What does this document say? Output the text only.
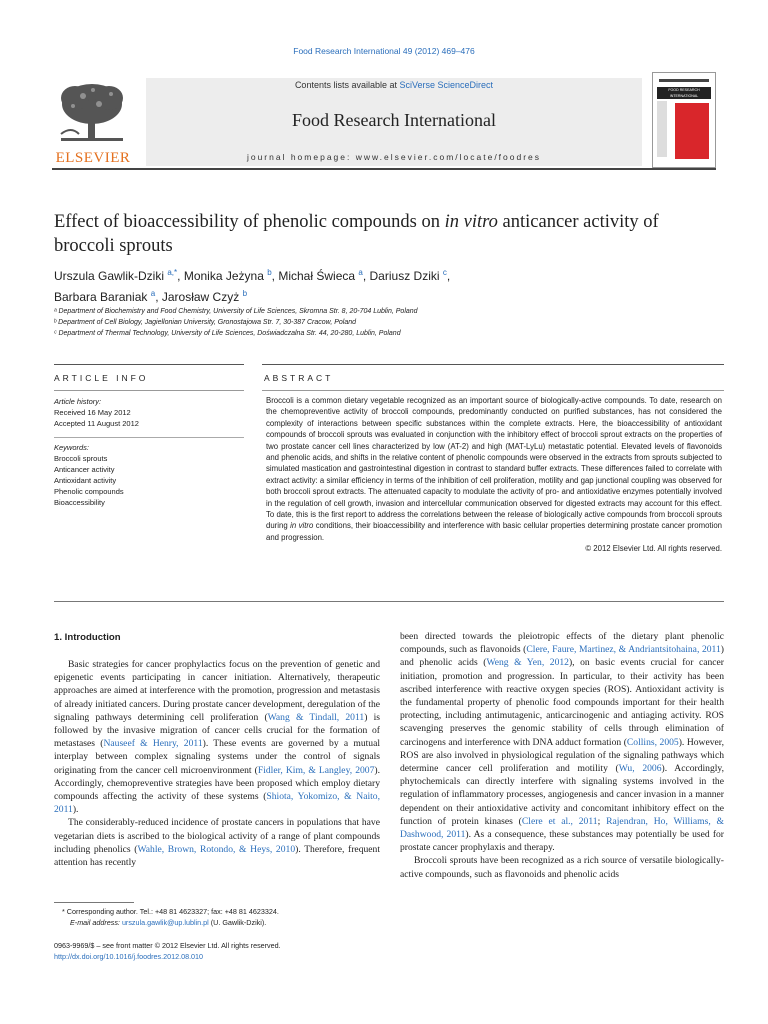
Food Research International 49 (2012) 469–476
ELSEVIER
Contents lists available at SciVerse ScienceDirect
Food Research International
journal homepage: www.elsevier.com/locate/foodres
FOOD RESEARCH
INTERNATIONAL
Effect of bioaccessibility of phenolic compounds on in vitro anticancer activity of
broccoli sprouts
Urszula Gawlik-Dziki $^{a,*}$, Monika Jeżyna $^b$, Michał Świeca $^a$, Dariusz Dziki $^c$,
Barbara Baraniak $^a$, Jarosław Czyż $^b$
ᵃ Department of Biochemistry and Food Chemistry, University of Life Sciences, Skromna Str. 8, 20-704 Lublin, Poland
ᵇ Department of Cell Biology, Jagiellonian University, Gronostajowa Str. 7, 30-387 Cracow, Poland
ᶜ Department of Thermal Technology, University of Life Sciences, Doświadczalna Str. 44, 20-280, Lublin, Poland
ARTICLE INFO	ABSTRACT
Article history:
Received 16 May 2012
Accepted 11 August 2012
Keywords:
Broccoli sprouts
Anticancer activity
Antioxidant activity
Phenolic compounds
Bioaccessibility
Broccoli is a common dietary vegetable recognized as an important source of biologically-active compounds. To date, research on the chemopreventive activity of broccoli compounds, predominantly conducted on purified substances, has not considered the complexity of interactions between specific substances within the complete extracts. Here, the bioaccessibility of antioxidant compounds of broccoli sprouts was evaluated in conjunction with the inhibitory effect of broccoli sprout extracts on the properties of two prostate cancer cell lines characterized by low (AT-2) and high (MAT-LyLu) metastatic potential. Elevated levels of flavonoids and phenolic acids, and shifts in the relative content of phenolic compounds were observed in the extracts from sprouts subjected to simulated mastication and gastrointestinal digestion in contrast to standard buffer extracts. These differences failed to correlate with extract activity: a similar efficiency in terms of the inhibition of cell proliferation, motility and gap junctional coupling was observed for both broccoli sprout extracts. The attenuated capacity to modulate the activity of pro- and antioxidative enzymes potentially involved in the regulation of cell growth, invasion and intercellular communication observed for digested extracts may account for this effect. To date, this is the first report to address the correlations between the release of biologically active compounds from broccoli sprouts during in vitro conditions, their bioaccessibility and interference with basic cellular properties determining prostate cancer promotion and progression.
© 2012 Elsevier Ltd. All rights reserved.
1. Introduction

Basic strategies for cancer prophylactics focus on the prevention of genetic and epigenetic events participating in cancer initiation. Alternatively, therapeutic approaches are aimed at interference with the promotion, progression and metastasis of already initiated cancers. During prostate cancer development, deregulation of the signaling pathways determining cell proliferation (Wang & Tindall, 2011) is followed by the invasive migration of cancer cells crucial for the formation of metastases (Nauseef & Henry, 2011). These events are governed by a mutual interplay between complex signaling systems under the control of signals originating from the cancer cell microenvironment (Fidler, Kim, & Langley, 2007). Accordingly, chemopreventive strategies have been proposed which employ dietary compounds affecting the activity of these systems (Shiota, Yokomizo, & Naito, 2011).

The considerably-reduced incidence of prostate cancers in populations that have vegetarian diets is ascribed to the biological activity of a range of plant compounds including phenolics (Wahle, Brown, Rotondo, & Heys, 2010). Therefore, frequent attention has recently

been directed towards the pleiotropic effects of the dietary plant phenolic compounds, such as flavonoids (Clere, Faure, Martinez, & Andriantsitohaina, 2011) and phenolic acids (Weng & Yen, 2012), on basic events crucial for cancer initiation, promotion and progression. In particular, to their activity has been ascribed interference with reactive oxygen species (ROS). Antioxidant activity is the fundamental property of phenolic food compounds important for their health protecting, including antimutagenic, anticarcinogenic and antiaging activity. ROS scavenging preserves the genomic stability of cells through elimination of carcinogens and interference with DNA adduct formation (Collins, 2005). However, ROS are also involved in physiological regulation of the signaling pathways which determine cancer cell proliferation and motility (Wu, 2006). Accordingly, phytochemicals can directly interfere with signaling systems involved in the regulation of inflammatory processes, angiogenesis and cancer invasion in a manner dependent on their antioxidative activity and concomitant inhibitory effect on the function of protein kinases (Clere et al., 2011; Rajendran, Ho, Williams, & Dashwood, 2011). As a consequence, these substances may potentially be used for prostate cancer prophylaxis and therapy.

Broccoli sprouts have been recognized as a rich source of versatile biologically-active compounds, such as flavonoids and phenolic acids

* Corresponding author. Tel.: +48 81 4623327; fax: +48 81 4623324.
E-mail address: urszula.gawlik@up.lublin.pl (U. Gawlik-Dziki).
0963-9969/$ – see front matter © 2012 Elsevier Ltd. All rights reserved.
http://dx.doi.org/10.1016/j.foodres.2012.08.010
